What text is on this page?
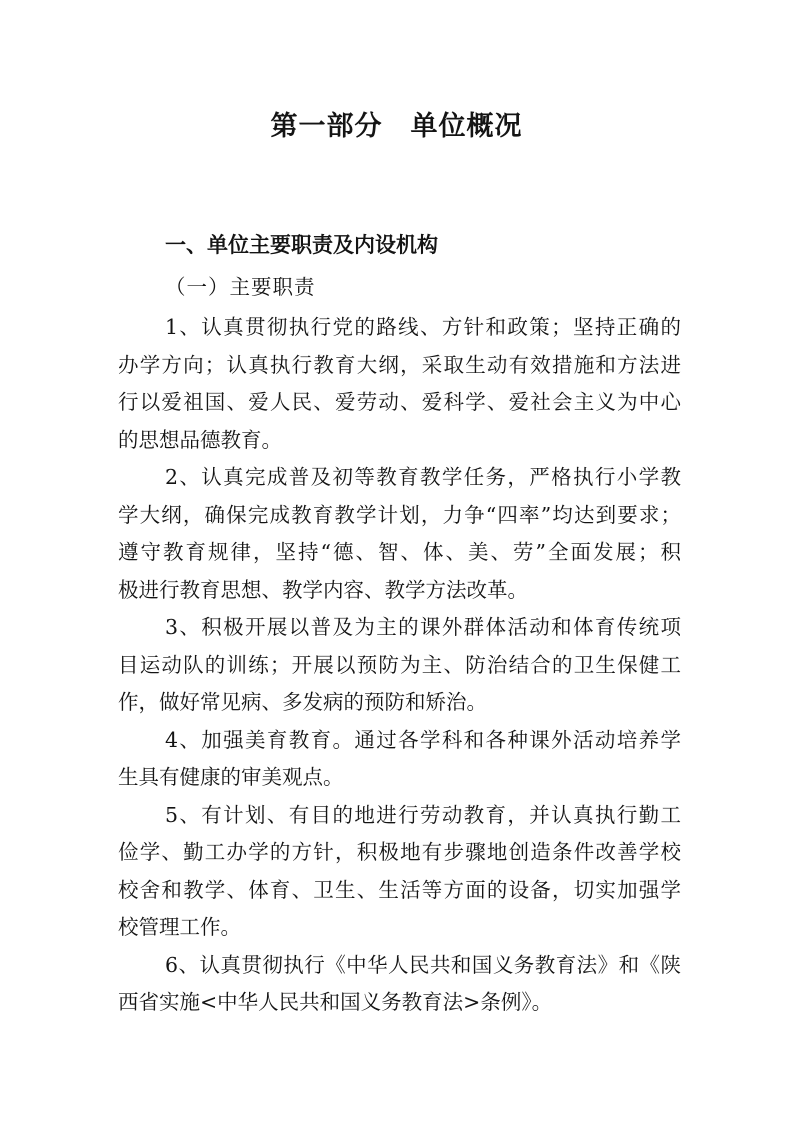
第一部分　单位概况
一、单位主要职责及内设机构
（一）主要职责
1、认真贯彻执行党的路线、方针和政策；坚持正确的
办学方向；认真执行教育大纲，采取生动有效措施和方法进
行以爱祖国、爱人民、爱劳动、爱科学、爱社会主义为中心
的思想品德教育。
2、认真完成普及初等教育教学任务，严格执行小学教
学大纲，确保完成教育教学计划，力争“四率”均达到要求；
遵守教育规律，坚持“德、智、体、美、劳”全面发展；积
极进行教育思想、教学内容、教学方法改革。
3、积极开展以普及为主的课外群体活动和体育传统项
目运动队的训练；开展以预防为主、防治结合的卫生保健工
作，做好常见病、多发病的预防和矫治。
4、加强美育教育。通过各学科和各种课外活动培养学
生具有健康的审美观点。
5、有计划、有目的地进行劳动教育，并认真执行勤工
俭学、勤工办学的方针，积极地有步骤地创造条件改善学校
校舍和教学、体育、卫生、生活等方面的设备，切实加强学
校管理工作。
6、认真贯彻执行《中华人民共和国义务教育法》和《陕
西省实施<中华人民共和国义务教育法>条例》。
